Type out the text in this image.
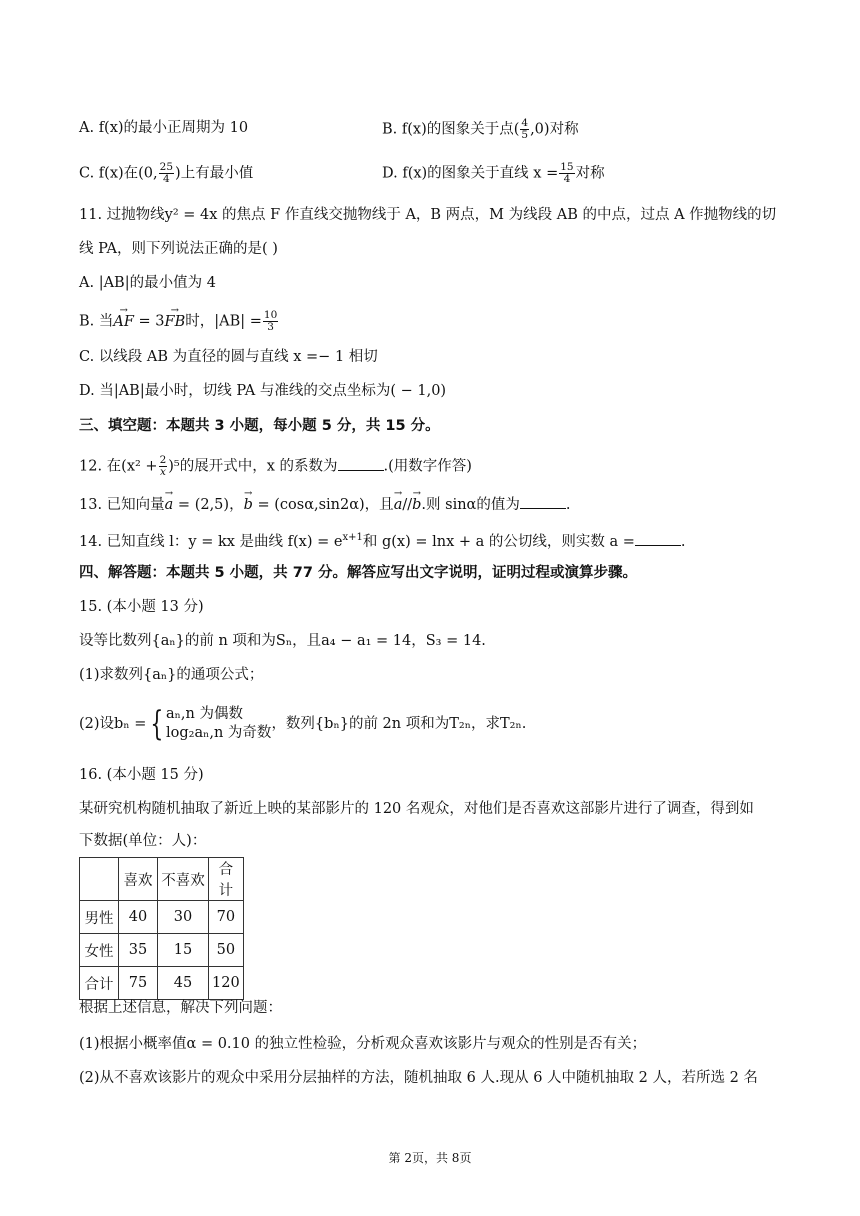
A. f(x)的最小正周期为 10	B. f(x)的图象关于点( $\frac{4}{5} ,0$)对称
C. f(x)在(0, $\frac{25}{4}$ )上有最小值	D. f(x)的图象关于直线 $x = \frac{15}{4}$ 对称
11. 过抛物线y² = 4x 的焦点 F 作直线交抛物线于 A，B 两点，M 为线段 AB 的中点，过点 A 作抛物线的切
线 PA，则下列说法正确的是( )
A. |AB|的最小值为 4
B. 当→ AF = 3→ FB时，$|AB| = \frac{10}{3}$
C. 以线段 AB 为直径的圆与直线 x =− 1 相切
D. 当|AB|最小时，切线 PA 与准线的交点坐标为( − 1,0)
三、填空题：本题共 3 小题，每小题 5 分，共 15 分。
12. 在$(x^2 + \frac{2}{x} )^5$的展开式中，x 的系数为	.(用数字作答)
13. 已知向量→ a = (2,5)，→ b = (cosα,sin2α)，且→ a//→ b.则 sinα的值为	.
14. 已知直线 l：y = kx 是曲线 $f(x) = e^{x+1}$和 g(x) = lnx + a 的公切线，则实数 a =	.
四、解答题：本题共 5 小题，共 77 分。解答应写出文字说明，证明过程或演算步骤。
15. (本小题 13 分)
设等比数列{aₙ}的前 n 项和为Sₙ，且a₄ − a₁ = 14，S₃ = 14.
(1)求数列{aₙ}的通项公式；
(2)设bₙ = { aₙ,n 为偶数
log₂aₙ,n 为奇数
，数列{bₙ}的前 2n 项和为T₂ₙ，求T₂ₙ.
16. (本小题 15 分)
某研究机构随机抽取了新近上映的某部影片的 120 名观众，对他们是否喜欢这部影片进行了调查，得到如
下数据(单位：人)：
	喜欢	不喜欢	合计
男性	40	30	70
女性	35	15	50
合计	75	45	120
根据上述信息，解决下列问题：
(1)根据小概率值α = 0.10 的独立性检验，分析观众喜欢该影片与观众的性别是否有关；
(2)从不喜欢该影片的观众中采用分层抽样的方法，随机抽取 6 人.现从 6 人中随机抽取 2 人，若所选 2 名
第 2页，共 8页
